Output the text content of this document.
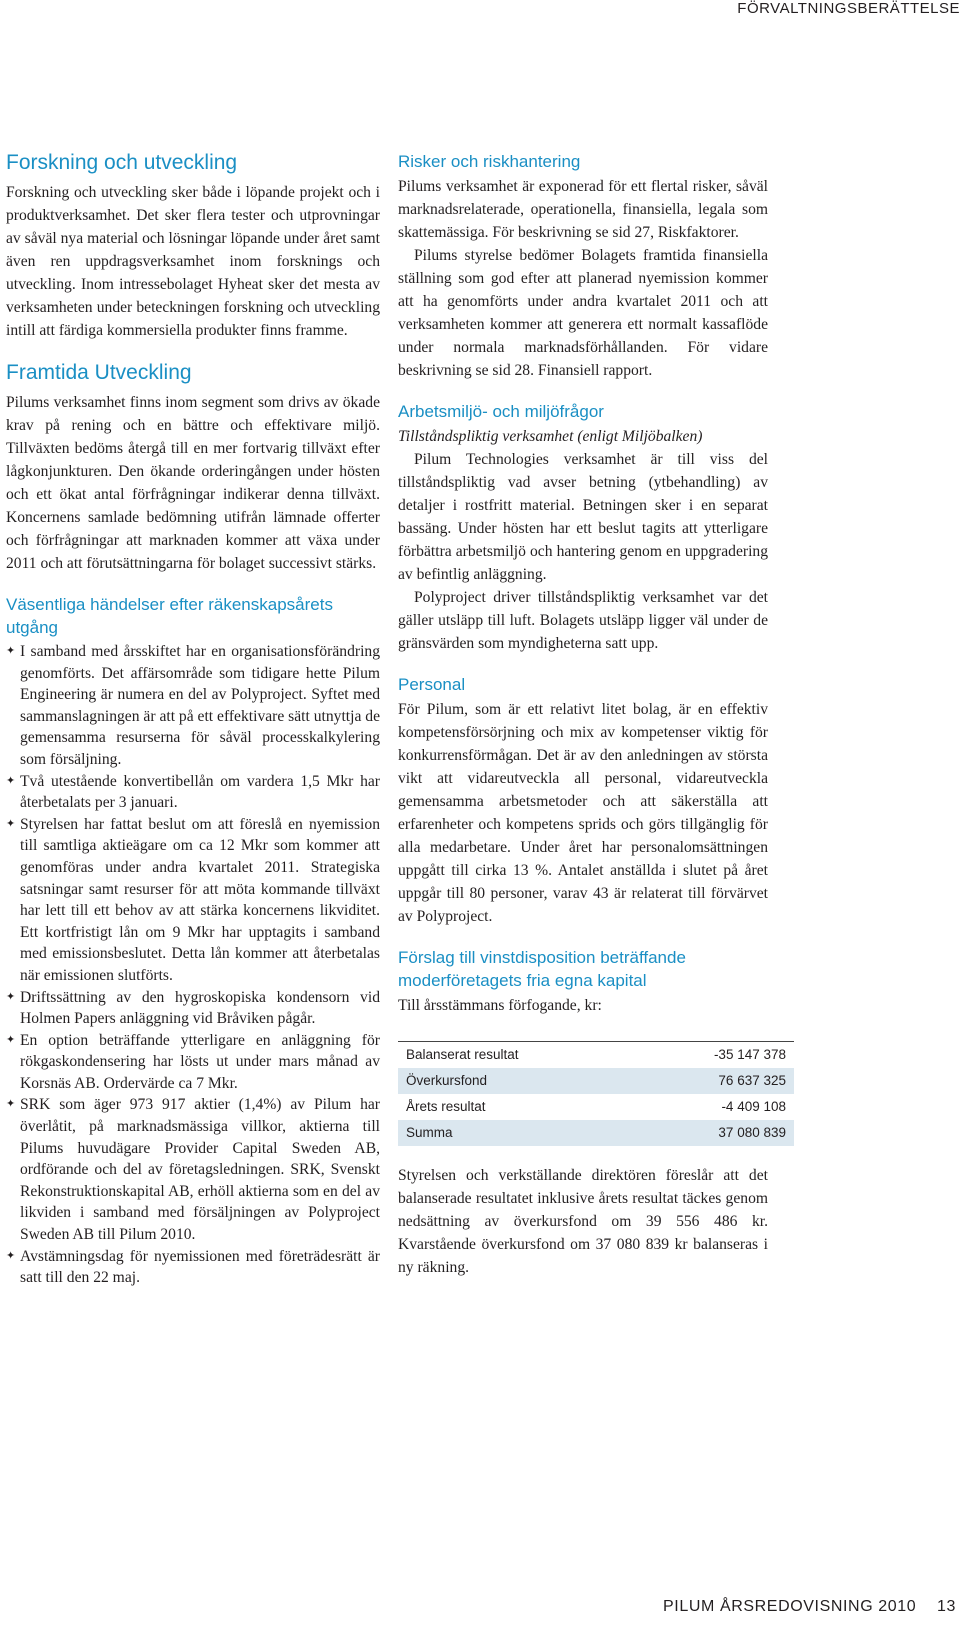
FÖRVALTNINGSBERÄTTELSE
Forskning och utveckling

Forskning och utveckling sker både i löpande projekt och i produktverksamhet. Det sker flera tester och utprovningar av såväl nya material och lösningar löpande under året samt även ren uppdragsverksamhet inom forsknings och utveckling. Inom intressebolaget Hyheat sker det mesta av verksamheten under beteckningen forskning och utveckling intill att färdiga kommersiella produkter finns framme.

Framtida Utveckling

Pilums verksamhet finns inom segment som drivs av ökade krav på rening och en bättre och effektivare miljö. Tillväxten bedöms återgå till en mer fortvarig tillväxt efter lågkonjunkturen. Den ökande orderingången under hösten och ett ökat antal förfrågningar indikerar denna tillväxt. Koncernens samlade bedömning utifrån lämnade offerter och förfrågningar att marknaden kommer att växa under 2011 och att förutsättningarna för bolaget successivt stärks.

Väsentliga händelser efter räkenskapsårets utgång
✦ I samband med årsskiftet har en organisationsförändring genomförts. Det affärsområde som tidigare hette Pilum Engineering är numera en del av Polyproject. Syftet med sammanslagningen är att på ett effektivare sätt utnyttja de gemensamma resurserna för såväl processkalkylering som försäljning.
✦ Två utestående konvertibellån om vardera 1,5 Mkr har återbetalats per 3 januari.
✦ Styrelsen har fattat beslut om att föreslå en nyemission till samtliga aktieägare om ca 12 Mkr som kommer att genomföras under andra kvartalet 2011. Strategiska satsningar samt resurser för att möta kommande tillväxt har lett till ett behov av att stärka koncernens likviditet. Ett kortfristigt lån om 9 Mkr har upptagits i samband med emissionsbeslutet. Detta lån kommer att återbetalas när emissionen slutförts.
✦ Driftssättning av den hygroskopiska kondensorn vid Holmen Papers anläggning vid Bråviken pågår.
✦ En option beträffande ytterligare en anläggning för rökgaskondensering har lösts ut under mars månad av Korsnäs AB. Ordervärde ca 7 Mkr.
✦ SRK som äger 973 917 aktier (1,4%) av Pilum har överlåtit, på marknadsmässiga villkor, aktierna till Pilums huvudägare Provider Capital Sweden AB, ordförande och del av företagsledningen. SRK, Svenskt Rekonstruktionskapital AB, erhöll aktierna som en del av likviden i samband med försäljningen av Polyproject Sweden AB till Pilum 2010.
✦ Avstämningsdag för nyemissionen med företrädesrätt är satt till den 22 maj.
Risker och riskhantering

Pilums verksamhet är exponerad för ett flertal risker, såväl marknadsrelaterade, operationella, finansiella, legala som skattemässiga. För beskrivning se sid 27, Riskfaktorer.

Pilums styrelse bedömer Bolagets framtida finansiella ställning som god efter att planerad nyemission kommer att ha genomförts under andra kvartalet 2011 och att verksamheten kommer att generera ett normalt kassaflöde under normala marknadsförhållanden. För vidare beskrivning se sid 28. Finansiell rapport.

Arbetsmiljö- och miljöfrågor

Tillståndspliktig verksamhet (enligt Miljöbalken)

Pilum Technologies verksamhet är till viss del tillståndspliktig vad avser betning (ytbehandling) av detaljer i rostfritt material. Betningen sker i en separat bassäng. Under hösten har ett beslut tagits att ytterligare förbättra arbetsmiljö och hantering genom en uppgradering av befintlig anläggning.

Polyproject driver tillståndspliktig verksamhet var det gäller utsläpp till luft. Bolagets utsläpp ligger väl under de gränsvärden som myndigheterna satt upp.

Personal

För Pilum, som är ett relativt litet bolag, är en effektiv kompetensförsörjning och mix av kompetenser viktig för konkurrensförmågan. Det är av den anledningen av största vikt att vidareutveckla all personal, vidareutveckla gemensamma arbetsmetoder och att säkerställa att erfarenheter och kompetens sprids och görs tillgänglig för alla medarbetare. Under året har personalomsättningen uppgått till cirka 13 %. Antalet anställda i slutet på året uppgår till 80 personer, varav 43 är relaterat till förvärvet av Polyproject.

Förslag till vinstdisposition beträffande moderföretagets fria egna kapital

Till årsstämmans förfogande, kr:

Balanserat resultat	-35 147 378
Överkursfond	76 637 325
Årets resultat	-4 409 108
Summa	37 080 839

Styrelsen och verkställande direktören föreslår att det balanserade resultatet inklusive årets resultat täckes genom nedsättning av överkursfond om 39 556 486 kr. Kvarstående överkursfond om 37 080 839 kr balanseras i ny räkning.

PILUM ÅRSREDOVISNING 2010 13
